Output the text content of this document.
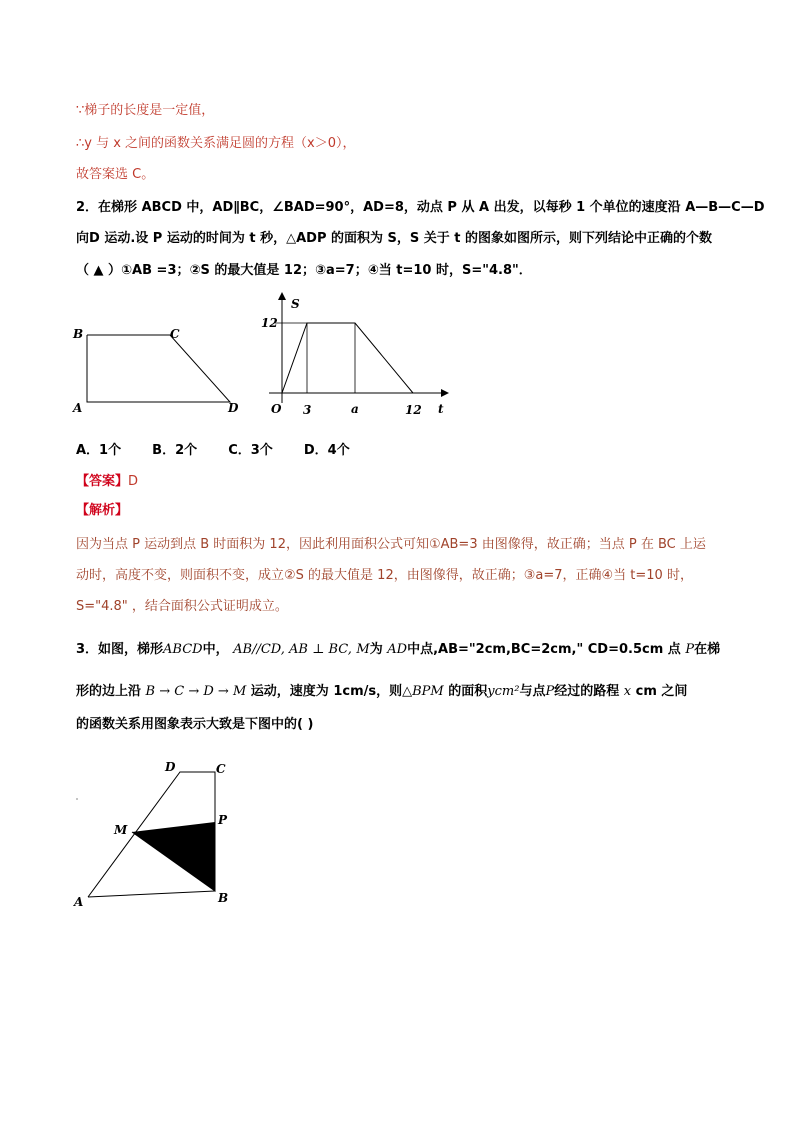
∵梯子的长度是一定值，
∴y 与 x 之间的函数关系满足圆的方程（x＞0），
故答案选 C。
2．在梯形 ABCD 中，AD∥BC，∠BAD=90°，AD=8，动点 P 从 A 出发，以每秒 1 个单位的速度沿 A—B—C—D
向D 运动.设 P 运动的时间为 t 秒，△ADP 的面积为 S，S 关于 t 的图象如图所示，则下列结论中正确的个数
（ ▲ ）①AB =3；②S 的最大值是 12；③a=7；④当 t=10 时，S="4.8"．
B	C
A	D
S
t
O
12
3	a	12
A．1个 B．2个 C．3个 D．4个
【答案】D
【解析】
因为当点 P 运动到点 B 时面积为 12，因此利用面积公式可知①AB=3 由图像得，故正确；当点 P 在 BC 上运
动时，高度不变，则面积不变，成立②S 的最大值是 12，由图像得，故正确；③a=7，正确④当 t=10 时，
S="4.8" ，结合面积公式证明成立。
3．如图，梯形ABCD中， AB//CD, AB ⊥ BC, M为 AD中点,AB="2cm,BC=2cm," CD=0.5cm 点 P在梯
形的边上沿 B → C → D → M 运动，速度为 1cm/s，则△BPM 的面积ycm²与点P经过的路程 x cm 之间
的函数关系用图象表示大致是下图中的( )
D	C
M
P
A	B
